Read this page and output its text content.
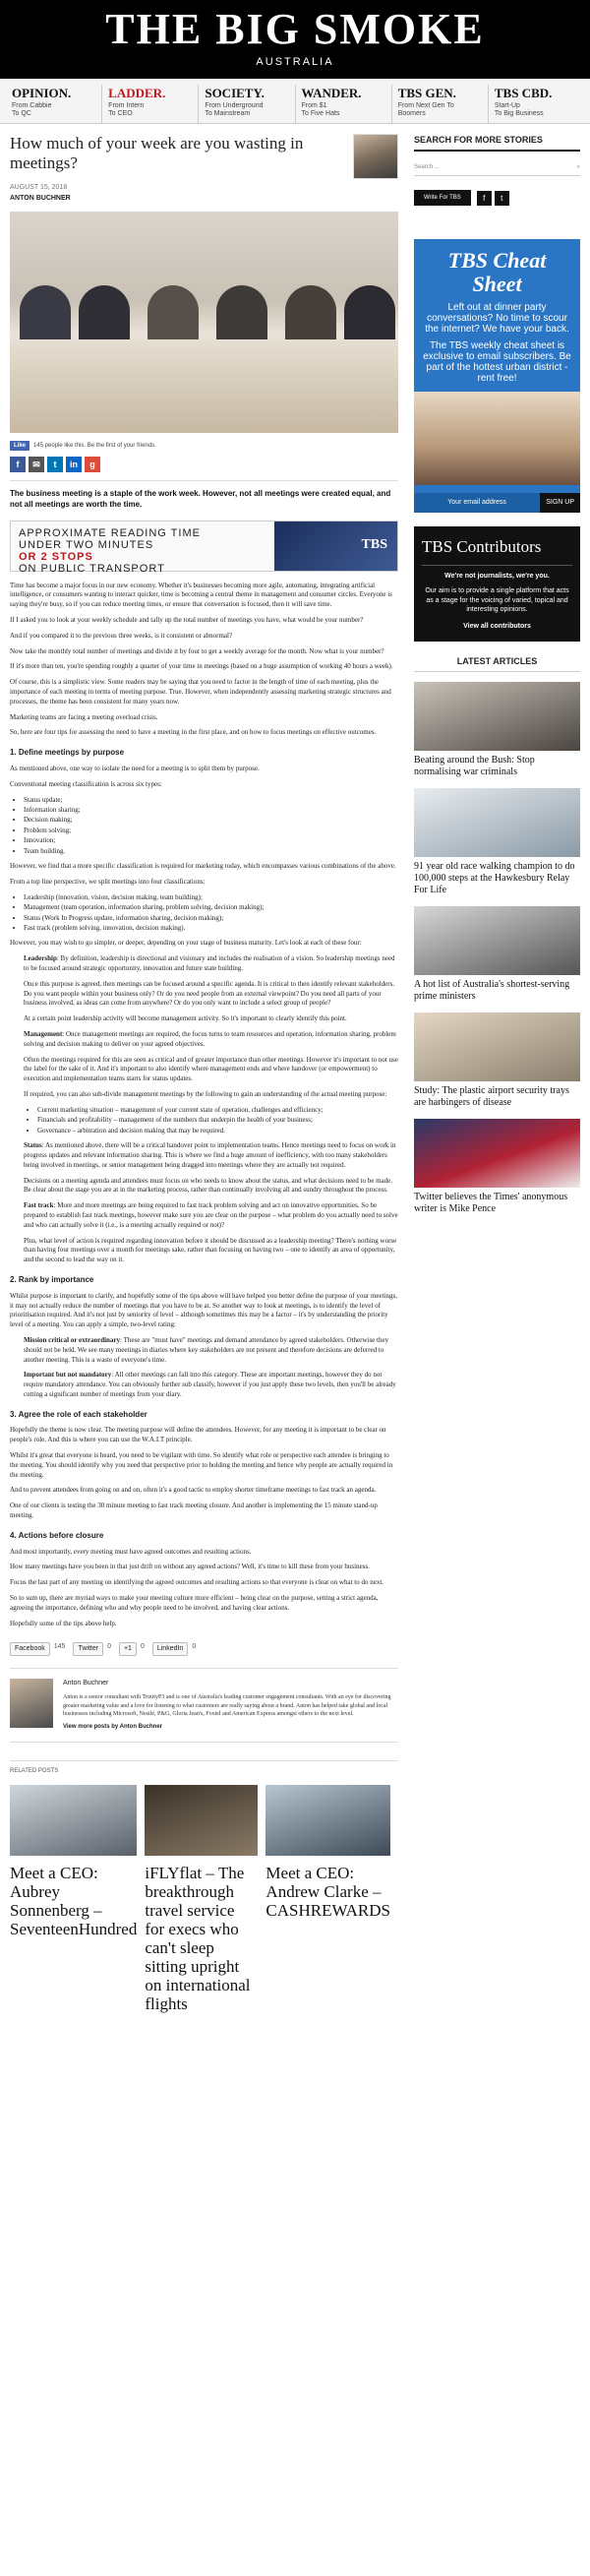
THE BIG SMOKE
AUSTRALIA
OPINION.
From Cabbie
To QC
LADDER.
From Intern
To CEO
SOCIETY.
From Underground
To Mainstream
WANDER.
From $1
To Five Hats
TBS GEN.
From Next Gen To
Boomers
TBS CBD.
Start-Up
To Big Business
How much of your week are you wasting in meetings?
AUGUST 15, 2018
ANTON BUCHNER
Like	145 people like this. Be the first of your friends.
f	✉	t	in	g

The business meeting is a staple of the work week. However, not all meetings were created equal, and not all meetings are worth the time.

APPROXIMATE READING TIME
UNDER TWO MINUTES
OR 2 STOPS
ON PUBLIC TRANSPORT
TBS

Time has become a major focus in our new economy. Whether it's businesses becoming more agile, automating, integrating artificial intelligence, or consumers wanting to interact quicker, time is becoming a central theme in management and consumer circles. Everyone is saying they're busy, so if you can reduce meeting times, or ensure that conversation is focused, then it will save time.

If I asked you to look at your weekly schedule and tally up the total number of meetings you have, what would be your number?

And if you compared it to the previous three weeks, is it consistent or abnormal?

Now take the monthly total number of meetings and divide it by four to get a weekly average for the month. Now what is your number?

If it's more than ten, you're spending roughly a quarter of your time in meetings (based on a huge assumption of working 40 hours a week).

Of course, this is a simplistic view. Some readers may be saying that you need to factor in the length of time of each meeting, plus the importance of each meeting in terms of meeting purpose. True. However, when independently assessing marketing strategic structures and processes, the theme has been consistent for many years now.

Marketing teams are facing a meeting overload crisis.

So, here are four tips for assessing the need to have a meeting in the first place, and on how to focus meetings on effective outcomes.

1. Define meetings by purpose

As mentioned above, one way to isolate the need for a meeting is to split them by purpose.

Conventional meeting classification is across six types:

• Status update;
• Information sharing;
• Decision making;
• Problem solving;
• Innovation;
• Team building.

However, we find that a more specific classification is required for marketing today, which encompasses various combinations of the above.

From a top line perspective, we split meetings into four classifications:

• Leadership (innovation, vision, decision making, team building);
• Management (team operation, information sharing, problem solving, decision making);
• Status (Work In Progress update, information sharing, decision making);
• Fast track (problem solving, innovation, decision making).

However, you may wish to go simpler, or deeper, depending on your stage of business maturity. Let's look at each of these four:

Leadership: By definition, leadership is directional and visionary and includes the realisation of a vision. So leadership meetings need to be focused around strategic opportunity, innovation and future state building.

Once this purpose is agreed, then meetings can be focused around a specific agenda. It is critical to then identify relevant stakeholders. Do you want people within your business only? Or do you need people from an external viewpoint? Do you need all parts of your business involved, as ideas can come from anywhere? Or do you only want to include a select group of people?

At a certain point leadership activity will become management activity. So it's important to clearly identify this point.

Management: Once management meetings are required, the focus turns to team resources and operation, information sharing, problem solving and decision making to deliver on your agreed objectives.

Often the meetings required for this are seen as critical and of greater importance than other meetings. However it's important to not use the label for the sake of it. And it's important to also identify where management ends and where handover (or empowerment) to execution and implementation teams starts for status updates.

If required, you can also sub-divide management meetings by the following to gain an understanding of the actual meeting purpose:

• Current marketing situation – management of your current state of operation, challenges and efficiency;
• Financials and profitability – management of the numbers that underpin the health of your business;
• Governance – arbitration and decision making that may be required.

Status: As mentioned above, there will be a critical handover point to implementation teams. Hence meetings need to focus on work in progress updates and relevant information sharing. This is where we find a huge amount of inefficiency, with too many stakeholders being involved in meetings, or senior management being dragged into meetings where they are actually not required.

Decisions on a meeting agenda and attendees must focus on who needs to know about the status, and what decisions need to be made. Be clear about the stage you are at in the marketing process, rather than continually involving all and sundry throughout the process.

Fast track: More and more meetings are being required to fast track problem solving and act on innovative opportunities. So be prepared to establish fast track meetings, however make sure you are clear on the purpose – what problem do you actually need to solve and who can actually solve it (i.e., is a meeting actually required or not)?

Plus, what level of action is required regarding innovation before it should be discussed as a leadership meeting? There's nothing worse than having four meetings over a month for meetings sake, rather than focusing on having two – one to identify an area of opportunity, and the second to lead the way on it.

2. Rank by importance

Whilst purpose is important to clarify, and hopefully some of the tips above will have helped you better define the purpose of your meetings, it may not actually reduce the number of meetings that you have to be at. So another way to look at meetings, is to identify the level of prioritisation required. And it's not just by seniority of level – although sometimes this may be a factor – it's by understanding the priority level of a meeting. You can apply a simple, two-level rating:

Mission critical or extraordinary: These are "must have" meetings and demand attendance by agreed stakeholders. Otherwise they should not be held. We see many meetings in diaries where key stakeholders are not present and therefore decisions are deferred to another meeting. This is a waste of everyone's time.

Important but not mandatory: All other meetings can fall into this category. These are important meetings, however they do not require mandatory attendance. You can obviously further sub classify, however if you just apply these two levels, then you'll be already cutting a significant number of meetings from your diary.

3. Agree the role of each stakeholder

Hopefully the theme is now clear. The meeting purpose will define the attendees. However, for any meeting it is important to be clear on people's role. And this is where you can use the W.A.I.T principle.

Whilst it's great that everyone is heard, you need to be vigilant with time. So identify what role or perspective each attendee is bringing to the meeting. You should identify why you need that perspective prior to holding the meeting and hence why people are actually required in the meeting.

And to prevent attendees from going on and on, often it's a good tactic to employ shorter timeframe meetings to fast track an agenda.

One of our clients is testing the 30 minute meeting to fast track meeting closure. And another is implementing the 15 minute stand-up meeting.

4. Actions before closure

And most importantly, every meeting must have agreed outcomes and resulting actions.

How many meetings have you been in that just drift on without any agreed actions? Well, it's time to kill these from your business.

Focus the last part of any meeting on identifying the agreed outcomes and resulting actions so that everyone is clear on what to do next.

So to sum up, there are myriad ways to make your meeting culture more efficient – being clear on the purpose, setting a strict agenda, agreeing the importance, defining who and why people need to be involved, and having clear actions.

Hopefully some of the tips above help.

Facebook	145	Twitter	0	+1	0	LinkedIn	0
Anton Buchner
Anton is a senior consultant with TrinityP3 and is one of Australia's leading customer engagement consultants. With an eye for discovering greater marketing value and a love for listening to what customers are really saying about a brand. Anton has helped take global and local businesses including Microsoft, Nestlé, P&G, Gloria Jean's, Foxtel and American Express amongst others to the next level.
View more posts by Anton Buchner
RELATED POSTS
Meet a CEO: Aubrey Sonnenberg – SeventeenHundred
iFLYflat – The breakthrough travel service for execs who can't sleep sitting upright on international flights
Meet a CEO: Andrew Clarke – CASHREWARDS
SEARCH FOR MORE STORIES
Search ...	⌕
Write For TBS	f	t
TBS Cheat Sheet
Left out at dinner party conversations? No time to scour the internet? We have your back.
The TBS weekly cheat sheet is exclusive to email subscribers. Be part of the hottest urban district - rent free!
Your email address	SIGN UP
TBS Contributors
We're not journalists, we're you.
Our aim is to provide a single platform that acts as a stage for the voicing of varied, topical and interesting opinions.
View all contributors
LATEST ARTICLES
Beating around the Bush: Stop normalising war criminals
91 year old race walking champion to do 100,000 steps at the Hawkesbury Relay For Life
A hot list of Australia's shortest-serving prime ministers
Study: The plastic airport security trays are harbingers of disease
Twitter believes the Times' anonymous writer is Mike Pence
